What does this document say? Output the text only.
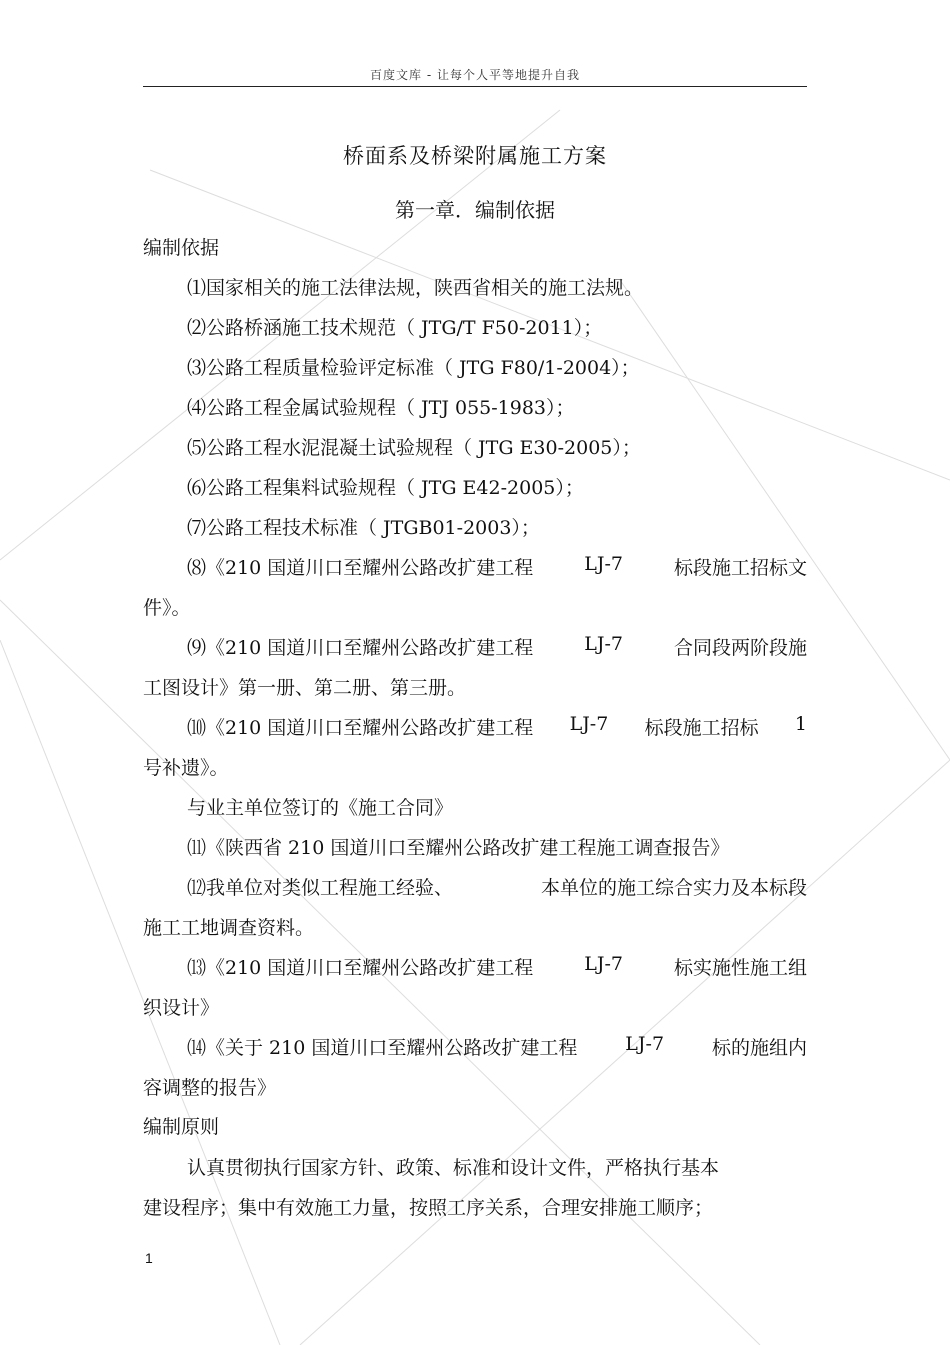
百度文库 - 让每个人平等地提升自我
桥面系及桥梁附属施工方案
第一章．编制依据
编制依据
⑴国家相关的施工法律法规，陕西省相关的施工法规。
⑵公路桥涵施工技术规范（ JTG/T F50-2011）；
⑶公路工程质量检验评定标准（ JTG F80/1-2004）；
⑷公路工程金属试验规程（ JTJ 055-1983）；
⑸公路工程水泥混凝土试验规程（ JTG E30-2005）；
⑹公路工程集料试验规程（ JTG E42-2005）；
⑺公路工程技术标准（ JTGB01-2003）；
⑻《210 国道川口至耀州公路改扩建工程	LJ-7	标段施工招标文
件》。
⑼《210 国道川口至耀州公路改扩建工程	LJ-7	合同段两阶段施
工图设计》第一册、第二册、第三册。
⑽《210 国道川口至耀州公路改扩建工程 LJ-7 标段施工招标 1
号补遗》。
与业主单位签订的《施工合同》
⑾《陕西省 210 国道川口至耀州公路改扩建工程施工调查报告》
⑿我单位对类似工程施工经验、	本单位的施工综合实力及本标段
施工工地调查资料。
⒀《210 国道川口至耀州公路改扩建工程	LJ-7	标实施性施工组
织设计》
⒁《关于 210 国道川口至耀州公路改扩建工程	LJ-7	标的施组内
容调整的报告》
编制原则
认真贯彻执行国家方针、政策、标准和设计文件，严格执行基本
建设程序；集中有效施工力量，按照工序关系，合理安排施工顺序；
1
